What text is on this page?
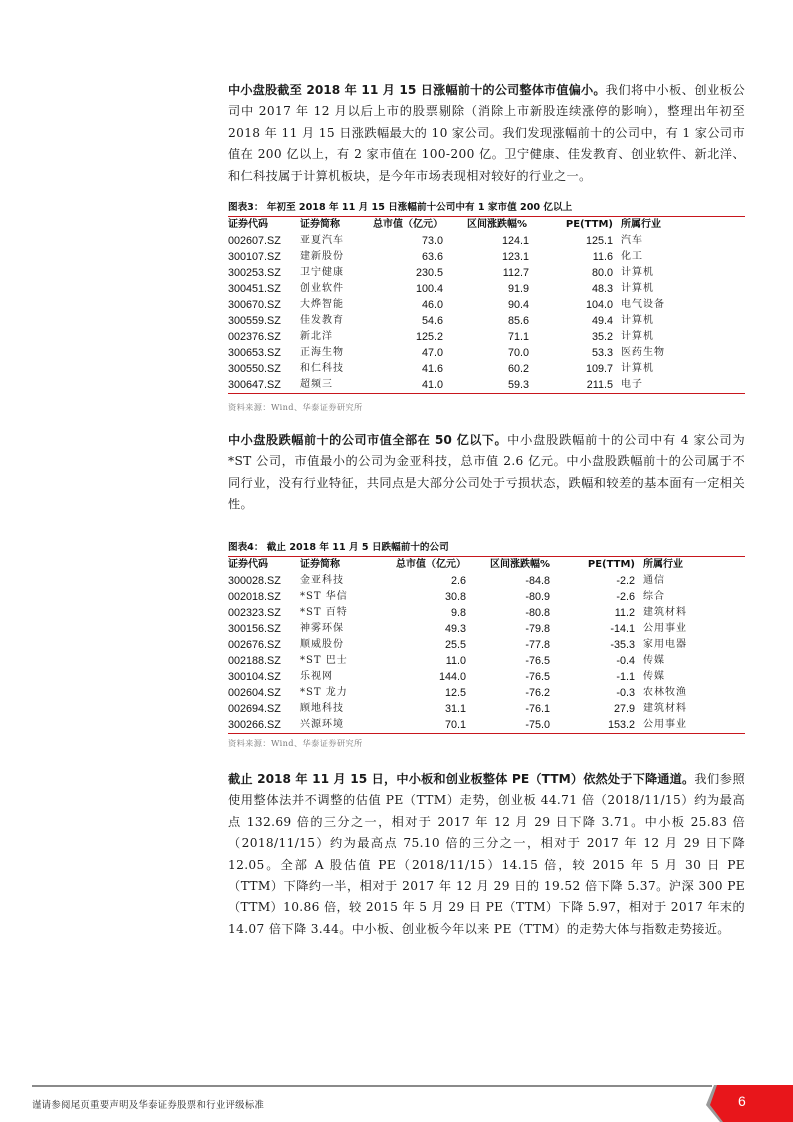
中小盘股截至 2018 年 11 月 15 日涨幅前十的公司整体市值偏小。我们将中小板、创业板公司中 2017 年 12 月以后上市的股票剔除（消除上市新股连续涨停的影响），整理出年初至 2018 年 11 月 15 日涨跌幅最大的 10 家公司。我们发现涨幅前十的公司中，有 1 家公司市值在 200 亿以上，有 2 家市值在 100-200 亿。卫宁健康、佳发教育、创业软件、新北洋、和仁科技属于计算机板块，是今年市场表现相对较好的行业之一。
图表3： 年初至 2018 年 11 月 15 日涨幅前十公司中有 1 家市值 200 亿以上
证券代码	证券简称	总市值（亿元）	区间涨跌幅%	PE(TTM)	所属行业
002607.SZ	亚夏汽车	73.0	124.1	125.1	汽车
300107.SZ	建新股份	63.6	123.1	11.6	化工
300253.SZ	卫宁健康	230.5	112.7	80.0	计算机
300451.SZ	创业软件	100.4	91.9	48.3	计算机
300670.SZ	大烨智能	46.0	90.4	104.0	电气设备
300559.SZ	佳发教育	54.6	85.6	49.4	计算机
002376.SZ	新北洋	125.2	71.1	35.2	计算机
300653.SZ	正海生物	47.0	70.0	53.3	医药生物
300550.SZ	和仁科技	41.6	60.2	109.7	计算机
300647.SZ	超频三	41.0	59.3	211.5	电子
资料来源：Wind、华泰证券研究所
中小盘股跌幅前十的公司市值全部在 50 亿以下。中小盘股跌幅前十的公司中有 4 家公司为*ST 公司，市值最小的公司为金亚科技，总市值 2.6 亿元。中小盘股跌幅前十的公司属于不同行业，没有行业特征，共同点是大部分公司处于亏损状态，跌幅和较差的基本面有一定相关性。
图表4： 截止 2018 年 11 月 5 日跌幅前十的公司
证券代码	证券简称	总市值（亿元）	区间涨跌幅%	PE(TTM)	所属行业
300028.SZ	金亚科技	2.6	-84.8	-2.2	通信
002018.SZ	*ST 华信	30.8	-80.9	-2.6	综合
002323.SZ	*ST 百特	9.8	-80.8	11.2	建筑材料
300156.SZ	神雾环保	49.3	-79.8	-14.1	公用事业
002676.SZ	顺威股份	25.5	-77.8	-35.3	家用电器
002188.SZ	*ST 巴士	11.0	-76.5	-0.4	传媒
300104.SZ	乐视网	144.0	-76.5	-1.1	传媒
002604.SZ	*ST 龙力	12.5	-76.2	-0.3	农林牧渔
002694.SZ	顾地科技	31.1	-76.1	27.9	建筑材料
300266.SZ	兴源环境	70.1	-75.0	153.2	公用事业
资料来源：Wind、华泰证券研究所
截止 2018 年 11 月 15 日，中小板和创业板整体 PE（TTM）依然处于下降通道。我们参照使用整体法并不调整的估值 PE（TTM）走势，创业板 44.71 倍（2018/11/15）约为最高点 132.69 倍的三分之一，相对于 2017 年 12 月 29 日下降 3.71。中小板 25.83 倍（2018/11/15）约为最高点 75.10 倍的三分之一，相对于 2017 年 12 月 29 日下降 12.05。全部 A 股估值 PE（2018/11/15）14.15 倍，较 2015 年 5 月 30 日 PE（TTM）下降约一半，相对于 2017 年 12 月 29 日的 19.52 倍下降 5.37。沪深 300 PE（TTM）10.86 倍，较 2015 年 5 月 29 日 PE（TTM）下降 5.97，相对于 2017 年末的 14.07 倍下降 3.44。中小板、创业板今年以来 PE（TTM）的走势大体与指数走势接近。
谨请参阅尾页重要声明及华泰证券股票和行业评级标准	6
